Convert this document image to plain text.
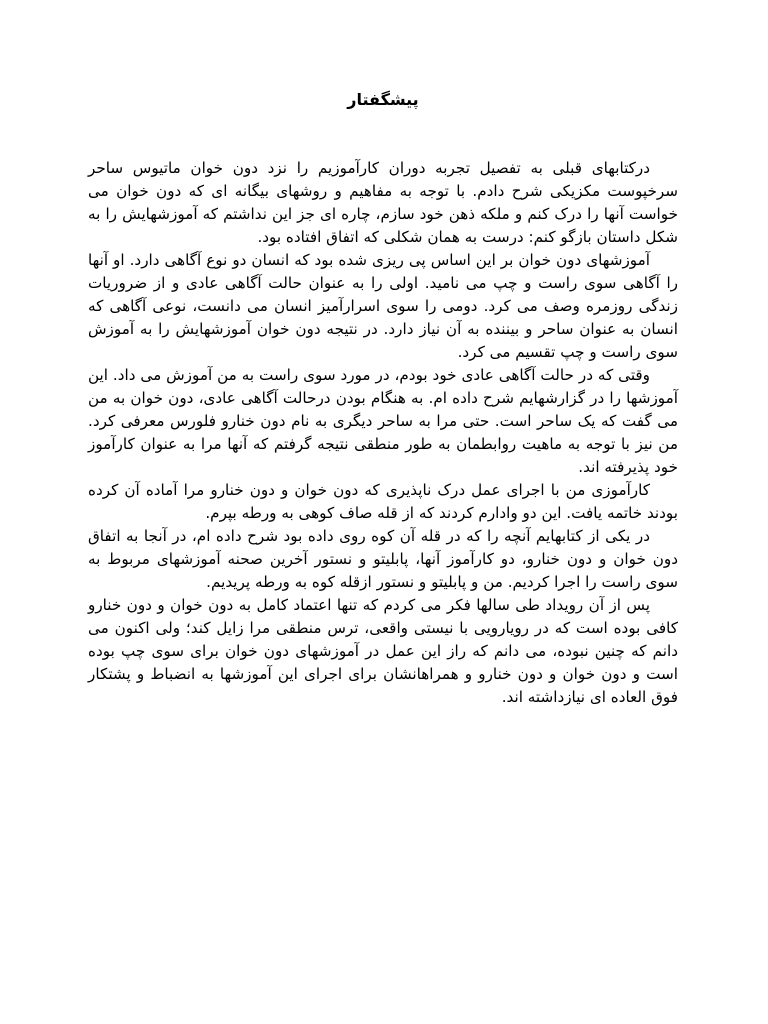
پیشگفتار

درکتابهای قبلی به تفصیل تجربه دوران کارآموزیم را نزد دون خوان ماتیوس ساحر سرخپوست مکزیکی شرح دادم. با توجه به مفاهیم و روشهای بیگانه ای که دون خوان می خواست آنها را درک کنم و ملکه ذهن خود سازم، چاره ای جز این نداشتم که آموزشهایش را به شکل داستان بازگو کنم: درست به همان شکلی که اتفاق افتاده بود.

آموزشهای دون خوان بر این اساس پی ریزی شده بود که انسان دو نوع آگاهی دارد. او آنها را آگاهی سوی راست و چپ می نامید. اولی را به عنوان حالت آگاهی عادی و از ضروریات زندگی روزمره وصف می کرد. دومی را سوی اسرارآمیز انسان می دانست، نوعی آگاهی که انسان به عنوان ساحر و بیننده به آن نیاز دارد. در نتیجه دون خوان آموزشهایش را به آموزش سوی راست و چپ تقسیم می کرد.

وقتی که در حالت آگاهی عادی خود بودم، در مورد سوی راست به من آموزش می داد. این آموزشها را در گزارشهایم شرح داده ام. به هنگام بودن درحالت آگاهی عادی، دون خوان به من می گفت که یک ساحر است. حتی مرا به ساحر دیگری به نام دون خنارو فلورس معرفی کرد. من نیز با توجه به ماهیت روابطمان به طور منطقی نتیجه گرفتم که آنها مرا به عنوان کارآموز خود پذیرفته اند.

کارآموزی من با اجرای عمل درک ناپذیری که دون خوان و دون خنارو مرا آماده آن کرده بودند خاتمه یافت. این دو وادارم کردند که از قله صاف کوهی به ورطه بپرم.

در یکی از کتابهایم آنچه را که در قله آن کوه روی داده بود شرح داده ام، در آنجا به اتفاق دون خوان و دون خنارو، دو کارآموز آنها، پابلیتو و نستور آخرین صحنه آموزشهای مربوط به سوی راست را اجرا کردیم. من و پابلیتو و نستور ازقله کوه به ورطه پریدیم.

پس از آن رویداد طی سالها فکر می کردم که تنها اعتماد کامل به دون خوان و دون خنارو کافی بوده است که در رویارویی با نیستی واقعی، ترس منطقی مرا زایل کند؛ ولی اکنون می دانم که چنین نبوده، می دانم که راز این عمل در آموزشهای دون خوان برای سوی چپ بوده است و دون خوان و دون خنارو و همراهانشان برای اجرای این آموزشها به انضباط و پشتکار فوق العاده ای نیازداشته اند.
